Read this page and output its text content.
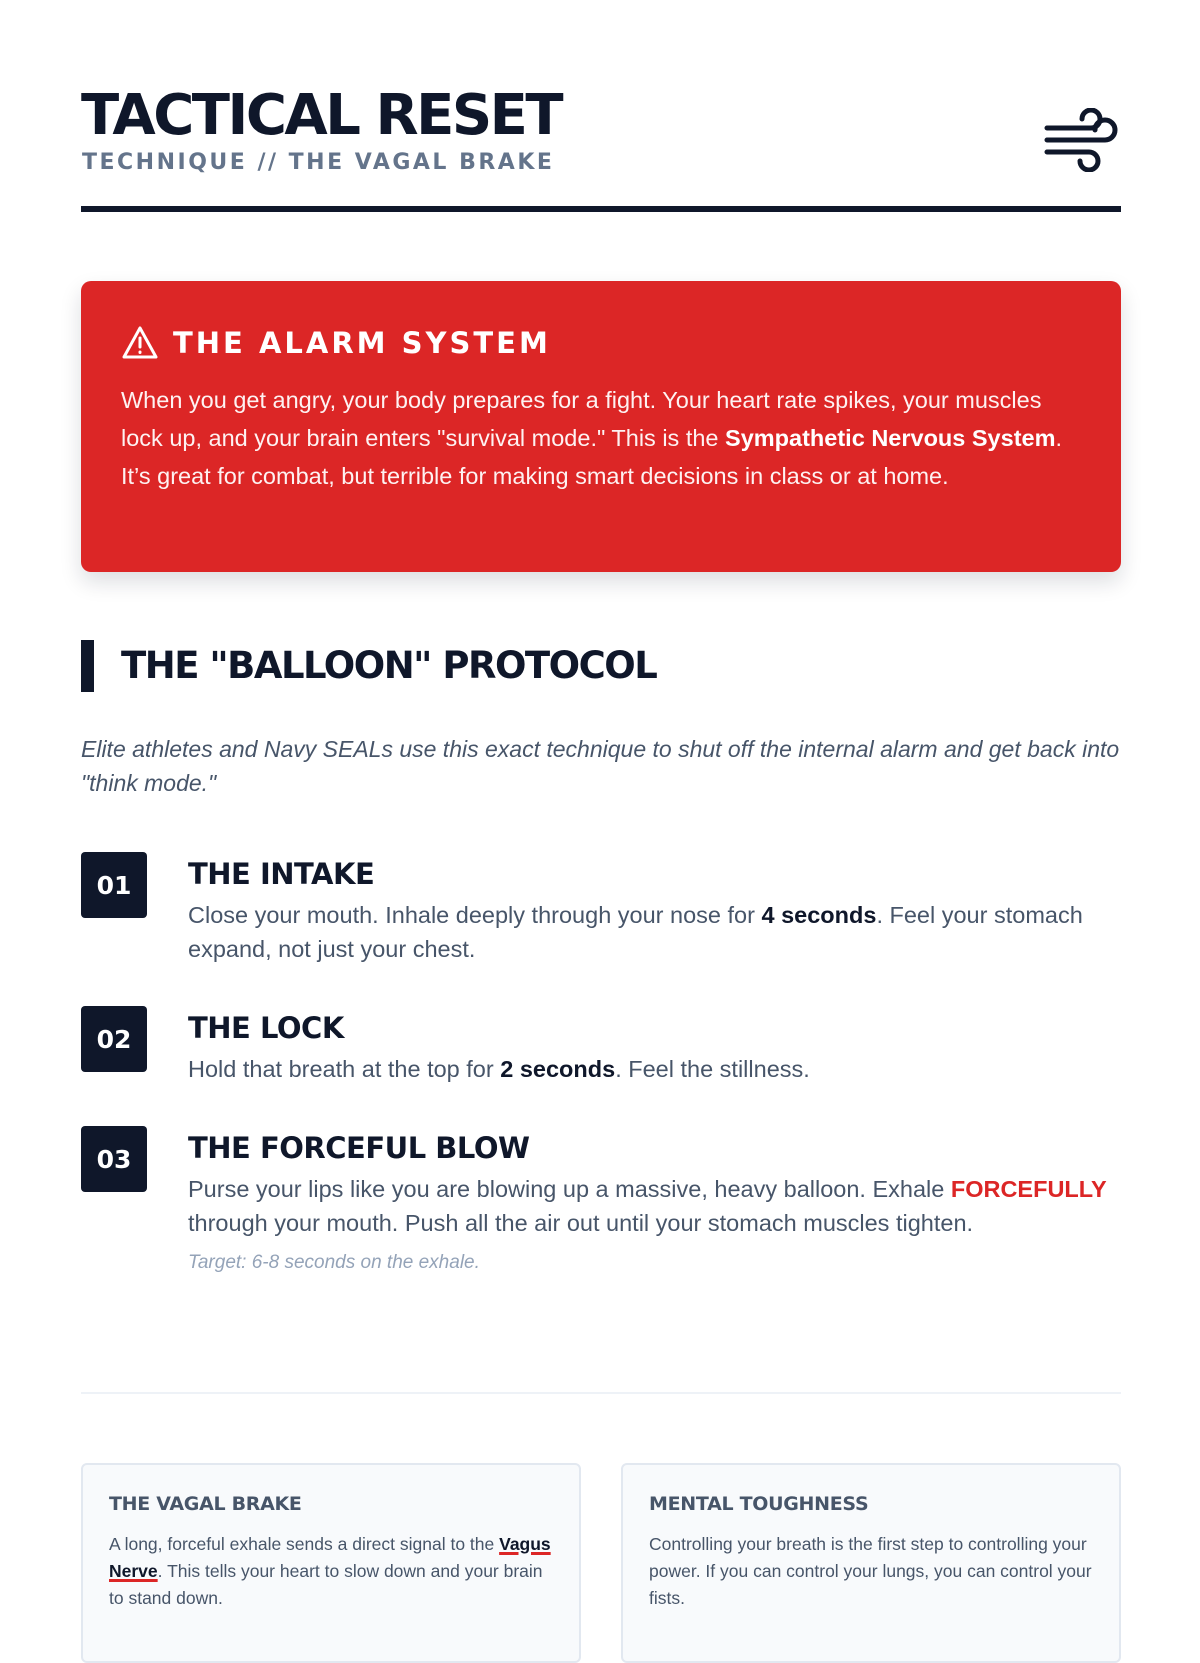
TACTICAL RESET
TECHNIQUE // THE VAGAL BRAKE
THE ALARM SYSTEM

When you get angry, your body prepares for a fight. Your heart rate spikes, your muscles lock up, and your brain enters "survival mode." This is the Sympathetic Nervous System. It’s great for combat, but terrible for making smart decisions in class or at home.

THE "BALLOON" PROTOCOL

Elite athletes and Navy SEALs use this exact technique to shut off the internal alarm and get back into "think mode."

01	THE INTAKE

Close your mouth. Inhale deeply through your nose for 4 seconds. Feel your stomach expand, not just your chest.

02	THE LOCK

Hold that breath at the top for 2 seconds. Feel the stillness.

03	THE FORCEFUL BLOW

Purse your lips like you are blowing up a massive, heavy balloon. Exhale FORCEFULLY through your mouth. Push all the air out until your stomach muscles tighten.

Target: 6-8 seconds on the exhale.

THE VAGAL BRAKE

A long, forceful exhale sends a direct signal to the Vagus Nerve. This tells your heart to slow down and your brain to stand down.

MENTAL TOUGHNESS

Controlling your breath is the first step to controlling your power. If you can control your lungs, you can control your fists.
